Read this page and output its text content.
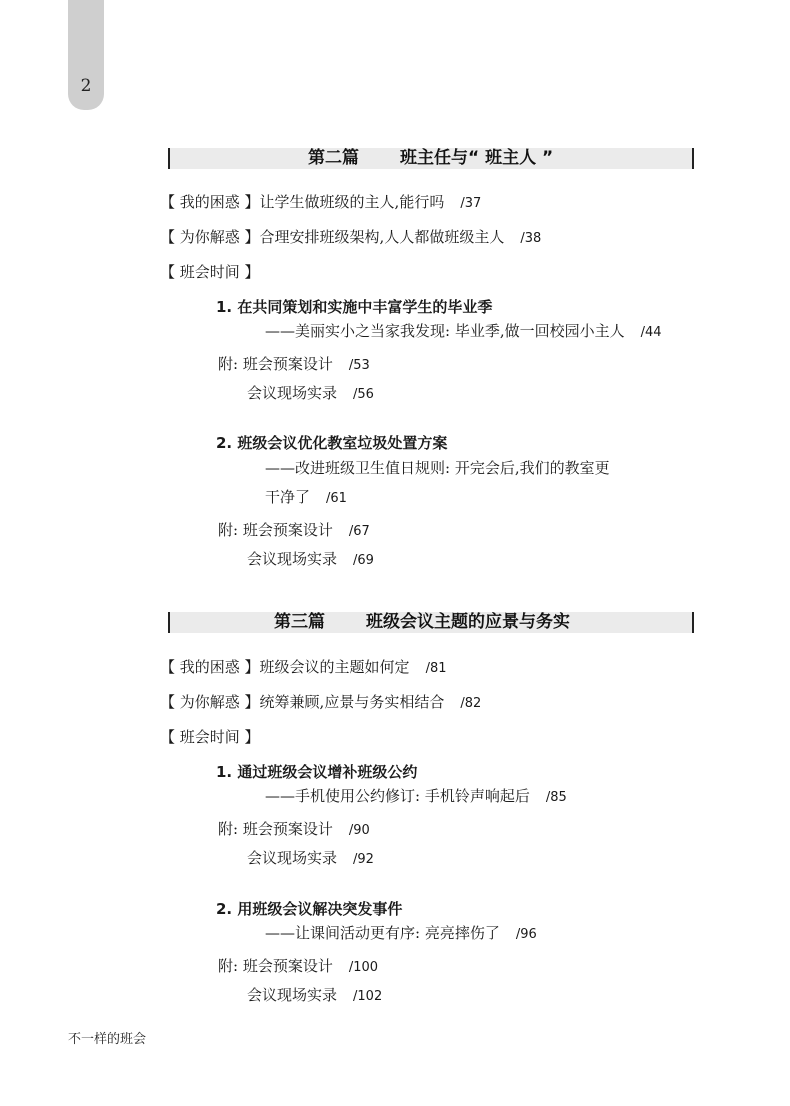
2
第二篇 班主任与“ 班主人 ”
【 我的困惑 】让学生做班级的主人,能行吗 /37
【 为你解惑 】合理安排班级架构,人人都做班级主人 /38
【 班会时间 】
1. 在共同策划和实施中丰富学生的毕业季
——美丽实小之当家我发现: 毕业季,做一回校园小主人 /44
附: 班会预案设计 /53
会议现场实录 /56
2. 班级会议优化教室垃圾处置方案
——改进班级卫生值日规则: 开完会后,我们的教室更
干净了 /61
附: 班会预案设计 /67
会议现场实录 /69
第三篇 班级会议主题的应景与务实
【 我的困惑 】班级会议的主题如何定 /81
【 为你解惑 】统筹兼顾,应景与务实相结合 /82
【 班会时间 】
1. 通过班级会议增补班级公约
——手机使用公约修订: 手机铃声响起后 /85
附: 班会预案设计 /90
会议现场实录 /92
2. 用班级会议解决突发事件
——让课间活动更有序: 亮亮摔伤了 /96
附: 班会预案设计 /100
会议现场实录 /102
不一样的班会
